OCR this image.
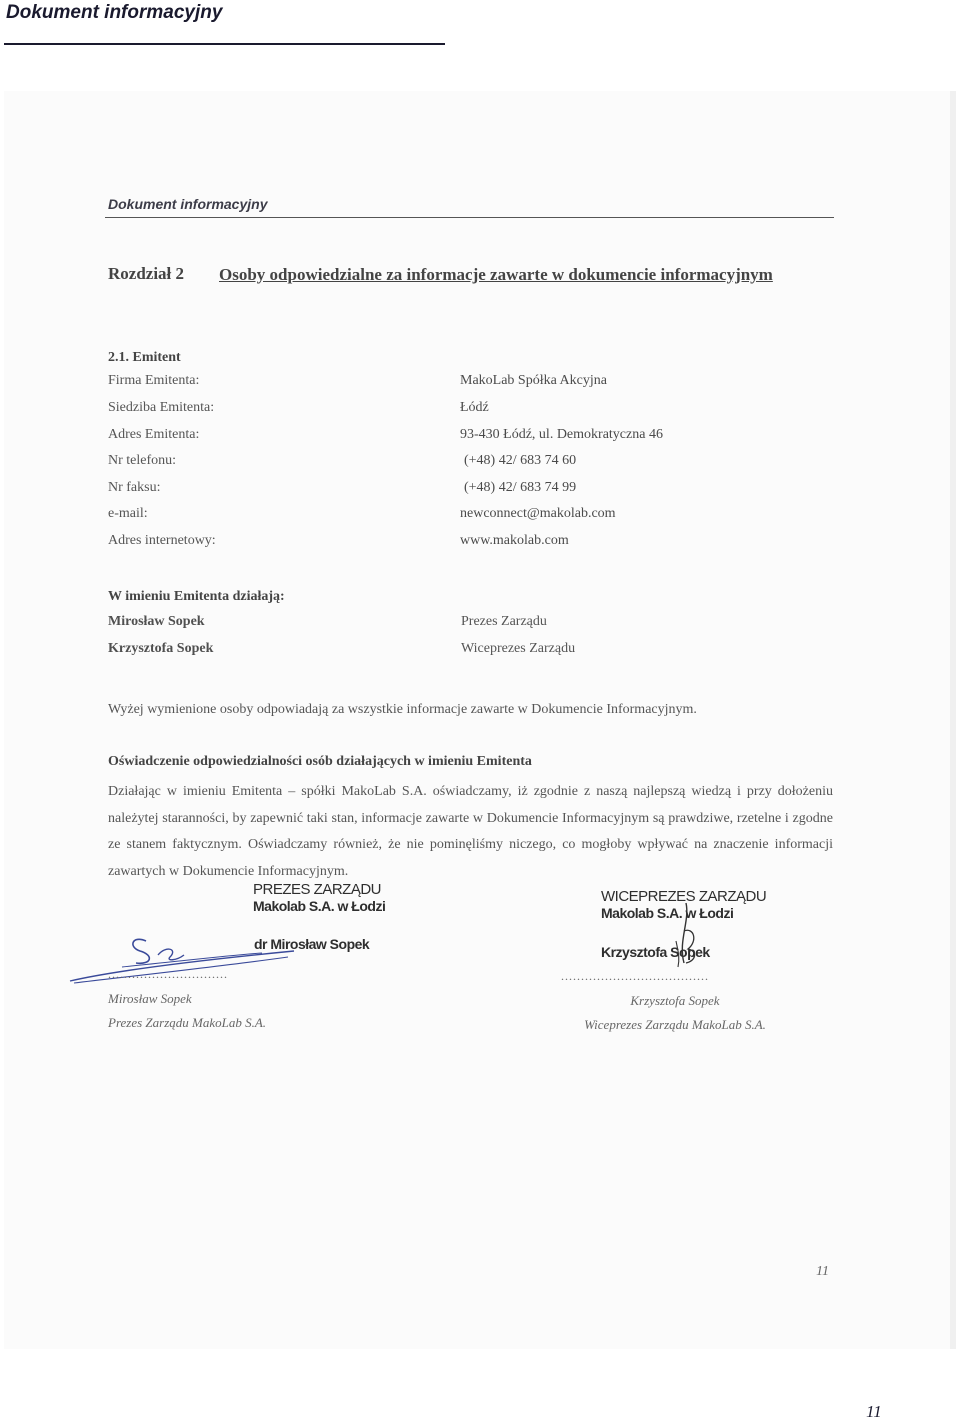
Dokument informacyjny
Dokument informacyjny
Rozdział 2 Osoby odpowiedzialne za informacje zawarte w dokumencie informacyjnym
2.1. Emitent
Firma Emitenta:	MakoLab Spółka Akcyjna
Siedziba Emitenta:	Łódź
Adres Emitenta:	93-430 Łódź, ul. Demokratyczna 46
Nr telefonu:	(+48) 42/ 683 74 60
Nr faksu:	(+48) 42/ 683 74 99
e-mail:	newconnect@makolab.com
Adres internetowy:	www.makolab.com
W imieniu Emitenta działają:
Mirosław Sopek	Prezes Zarządu
Krzysztofa Sopek	Wiceprezes Zarządu
Wyżej wymienione osoby odpowiadają za wszystkie informacje zawarte w Dokumencie Informacyjnym.
Oświadczenie odpowiedzialności osób działających w imieniu Emitenta
Działając w imieniu Emitenta – spółki MakoLab S.A. oświadczamy, iż zgodnie z naszą najlepszą wiedzą i przy dołożeniu należytej staranności, by zapewnić taki stan, informacje zawarte w Dokumencie Informacyjnym są prawdziwe, rzetelne i zgodne ze stanem faktycznym. Oświadczamy również, że nie pominęliśmy niczego, co mogłoby wpływać na znaczenie informacji zawartych w Dokumencie Informacyjnym.
PREZES ZARZĄDU
Makolab S.A. w Łodzi
dr Mirosław Sopek
WICEPREZES ZARZĄDU
Makolab S.A. w Łodzi
Krzysztofa Sopek
..............................	.....................................
Mirosław Sopek
Prezes Zarządu MakoLab S.A.
Krzysztofa Sopek
Wiceprezes Zarządu MakoLab S.A.
11
11
